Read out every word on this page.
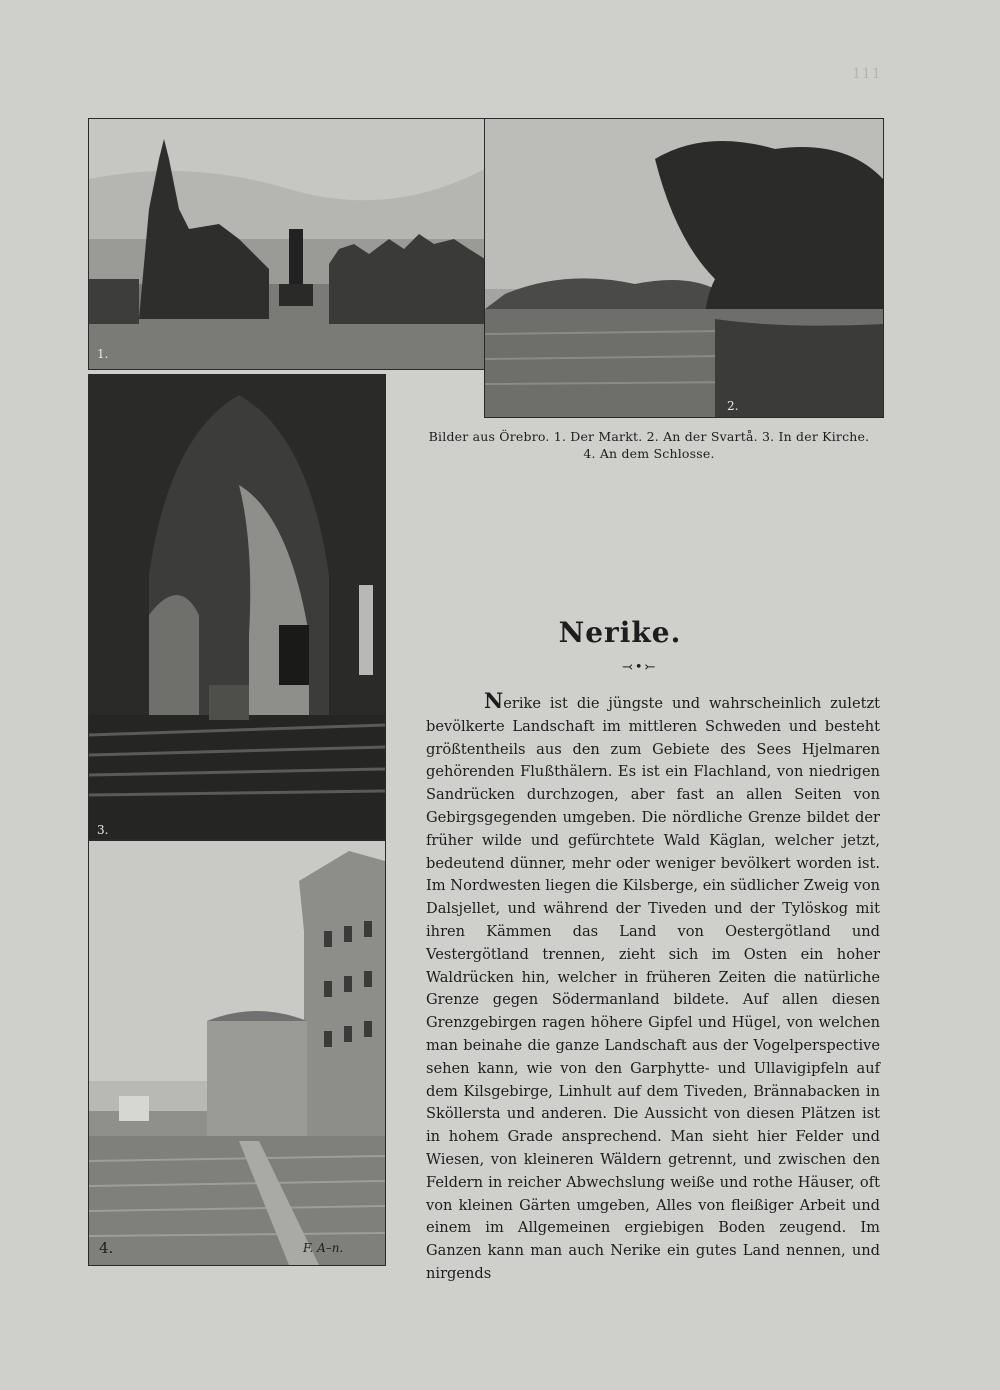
111
1.
2.
3.
4.	F. A–n.
Bilder aus Örebro. 1. Der Markt. 2. An der Svartå. 3. In der Kirche.
4. An dem Schlosse.
Nerike.
⤙•⤚
Nerike ist die jüngste und wahrscheinlich zuletzt bevölkerte Landschaft im mittleren Schweden und besteht größtentheils aus den zum Gebiete des Sees Hjelmaren gehörenden Flußthälern. Es ist ein Flachland, von niedrigen Sandrücken durchzogen, aber fast an allen Seiten von Gebirgsgegenden umgeben. Die nördliche Grenze bildet der früher wilde und gefürchtete Wald Käglan, welcher jetzt, bedeutend dünner, mehr oder weniger bevölkert worden ist. Im Nordwesten liegen die Kilsberge, ein südlicher Zweig von Dalsjellet, und während der Tiveden und der Tylöskog mit ihren Kämmen das Land von Oestergötland und Vestergötland trennen, zieht sich im Osten ein hoher Waldrücken hin, welcher in früheren Zeiten die natürliche Grenze gegen Södermanland bildete. Auf allen diesen Grenzgebirgen ragen höhere Gipfel und Hügel, von welchen man beinahe die ganze Landschaft aus der Vogelperspective sehen kann, wie von den Garphytte- und Ullavigipfeln auf dem Kilsgebirge, Linhult auf dem Tiveden, Brännabacken in Sköllersta und anderen. Die Aussicht von diesen Plätzen ist in hohem Grade ansprechend. Man sieht hier Felder und Wiesen, von kleineren Wäldern getrennt, und zwischen den Feldern in reicher Abwechslung weiße und rothe Häuser, oft von kleinen Gärten umgeben, Alles von fleißiger Arbeit und einem im Allgemeinen ergiebigen Boden zeugend. Im Ganzen kann man auch Nerike ein gutes Land nennen, und nirgends
